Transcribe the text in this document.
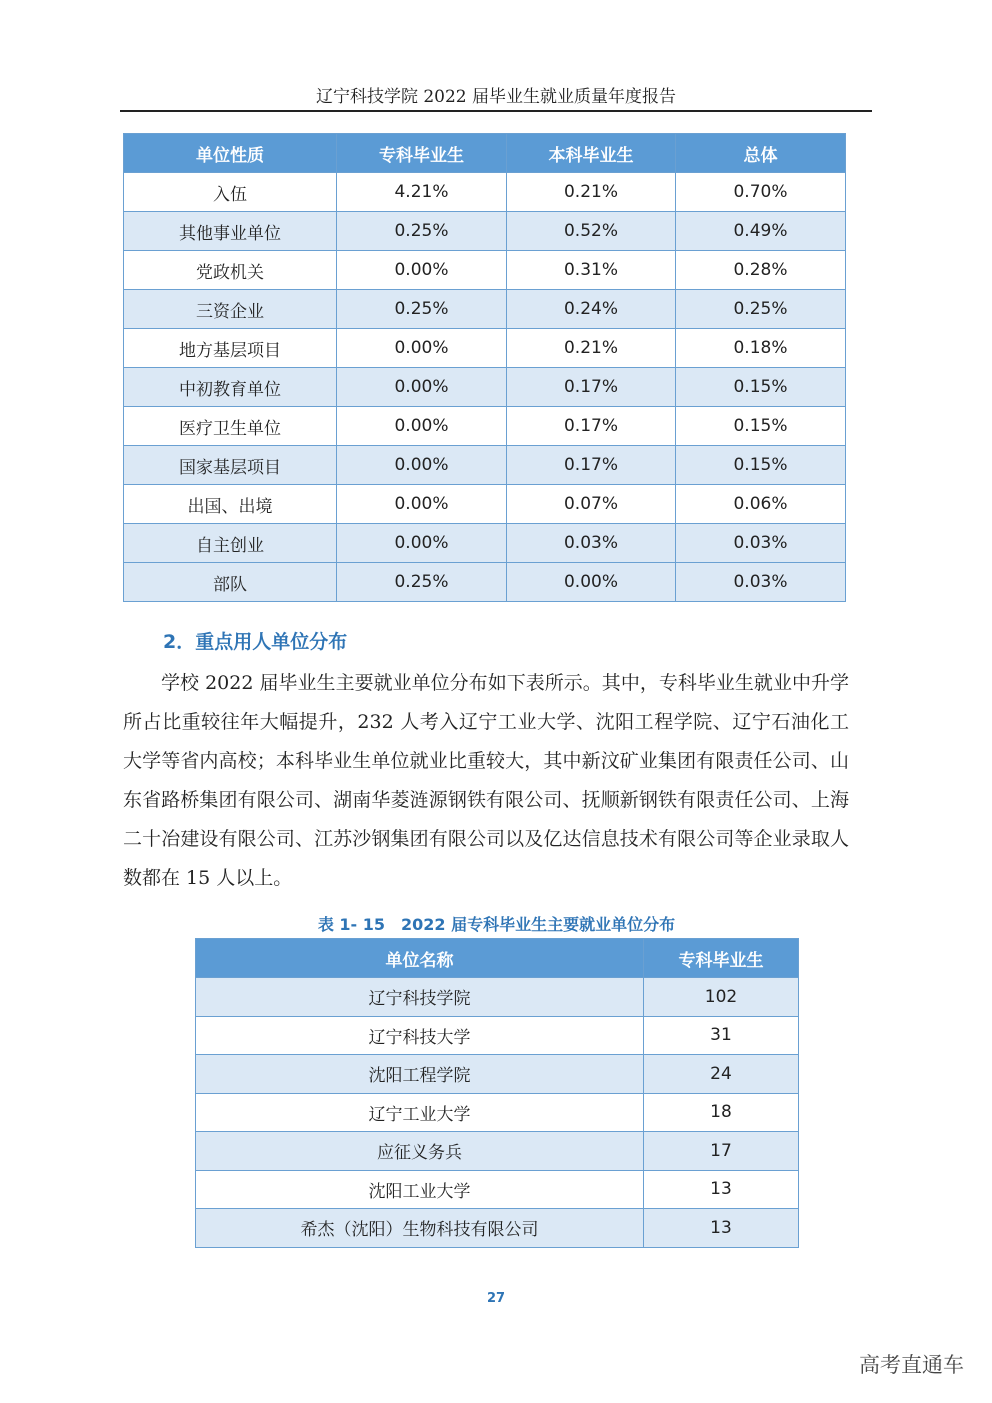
辽宁科技学院 2022 届毕业生就业质量年度报告
单位性质	专科毕业生	本科毕业生	总体
入伍	4.21%	0.21%	0.70%
其他事业单位	0.25%	0.52%	0.49%
党政机关	0.00%	0.31%	0.28%
三资企业	0.25%	0.24%	0.25%
地方基层项目	0.00%	0.21%	0.18%
中初教育单位	0.00%	0.17%	0.15%
医疗卫生单位	0.00%	0.17%	0.15%
国家基层项目	0.00%	0.17%	0.15%
出国、出境	0.00%	0.07%	0.06%
自主创业	0.00%	0.03%	0.03%
部队	0.25%	0.00%	0.03%
2．重点用人单位分布
学校 2022 届毕业生主要就业单位分布如下表所示。其中，专科毕业生就业中升学所占比重较往年大幅提升，232 人考入辽宁工业大学、沈阳工程学院、辽宁石油化工大学等省内高校；本科毕业生单位就业比重较大，其中新汶矿业集团有限责任公司、山东省路桥集团有限公司、湖南华菱涟源钢铁有限公司、抚顺新钢铁有限责任公司、上海二十冶建设有限公司、江苏沙钢集团有限公司以及亿达信息技术有限公司等企业录取人数都在 15 人以上。
表 1- 15　2022 届专科毕业生主要就业单位分布
单位名称	专科毕业生
辽宁科技学院	102
辽宁科技大学	31
沈阳工程学院	24
辽宁工业大学	18
应征义务兵	17
沈阳工业大学	13
希杰（沈阳）生物科技有限公司	13
27
高考直通车
